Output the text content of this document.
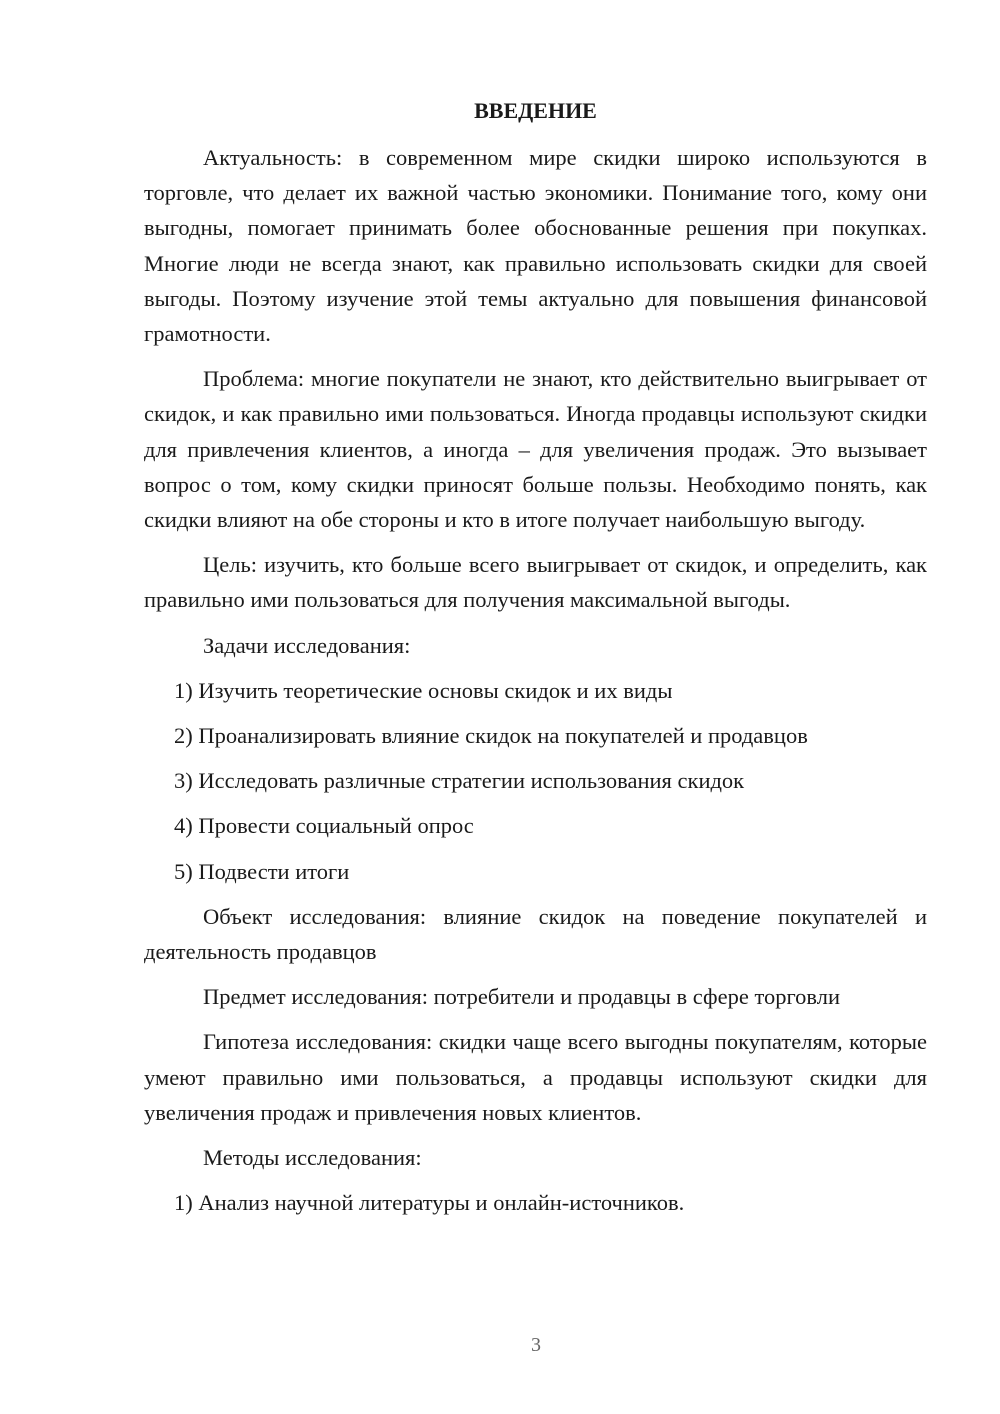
ВВЕДЕНИЕ

Актуальность: в современном мире скидки широко используются в торговле, что делает их важной частью экономики. Понимание того, кому они выгодны, помогает принимать более обоснованные решения при покупках. Многие люди не всегда знают, как правильно использовать скидки для своей выгоды. Поэтому изучение этой темы актуально для повышения финансовой грамотности.

Проблема: многие покупатели не знают, кто действительно выигрывает от скидок, и как правильно ими пользоваться. Иногда продавцы используют скидки для привлечения клиентов, а иногда – для увеличения продаж. Это вызывает вопрос о том, кому скидки приносят больше пользы. Необходимо понять, как скидки влияют на обе стороны и кто в итоге получает наибольшую выгоду.

Цель: изучить, кто больше всего выигрывает от скидок, и определить, как правильно ими пользоваться для получения максимальной выгоды.

Задачи исследования:

1) Изучить теоретические основы скидок и их виды

2) Проанализировать влияние скидок на покупателей и продавцов

3) Исследовать различные стратегии использования скидок

4) Провести социальный опрос

5) Подвести итоги

Объект исследования: влияние скидок на поведение покупателей и деятельность продавцов

Предмет исследования: потребители и продавцы в сфере торговли

Гипотеза исследования: скидки чаще всего выгодны покупателям, которые умеют правильно ими пользоваться, а продавцы используют скидки для увеличения продаж и привлечения новых клиентов.

Методы исследования:

1) Анализ научной литературы и онлайн-источников.

3
